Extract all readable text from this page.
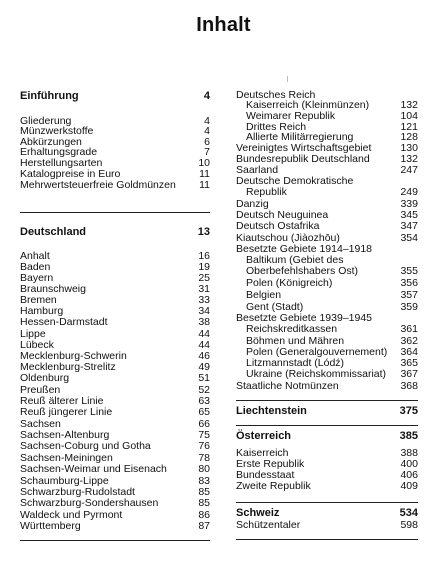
Inhalt
Einführung	4
Gliederung	4
Münzwerkstoffe	4
Abkürzungen	6
Erhaltungsgrade	7
Herstellungsarten	10
Katalogpreise in Euro	11
Mehrwertsteuerfreie Goldmünzen 11
Deutschland	13
Anhalt	16
Baden	19
Bayern	25
Braunschweig	31
Bremen	33
Hamburg	34
Hessen-Darmstadt	38
Lippe	44
Lübeck	44
Mecklenburg-Schwerin	46
Mecklenburg-Strelitz	49
Oldenburg	51
Preußen	52
Reuß älterer Linie	63
Reuß jüngerer Linie	65
Sachsen	66
Sachsen-Altenburg	75
Sachsen-Coburg und Gotha	76
Sachsen-Meiningen	78
Sachsen-Weimar und Eisenach	80
Schaumburg-Lippe	83
Schwarzburg-Rudolstadt	85
Schwarzburg-Sondershausen	85
Waldeck und Pyrmont	86
Württemberg	87
Deutsches Reich
Kaiserreich (Kleinmünzen)	132
Weimarer Republik	104
Drittes Reich	121
Allierte Militärregierung	128
Vereinigtes Wirtschaftsgebiet	130
Bundesrepublik Deutschland	132
Saarland	247
Deutsche Demokratische
Republik	249
Danzig	339
Deutsch Neuguinea	345
Deutsch Ostafrika	347
Kiautschou (Jiàozhōu)	354
Besetzte Gebiete 1914–1918
Baltikum (Gebiet des
Oberbefehlshabers Ost)	355
Polen (Königreich)	356
Belgien	357
Gent (Stadt)	359
Besetzte Gebiete 1939–1945
Reichskreditkassen	361
Böhmen und Mähren	362
Polen (Generalgouvernement) 364
Litzmannstadt (Lódź)	365
Ukraine (Reichskommissariat) 367
Staatliche Notmünzen	368
Liechtenstein	375
Österreich	385
Kaiserreich	388
Erste Republik	400
Bundesstaat	406
Zweite Republik	409
Schweiz	534
Schützentaler	598
